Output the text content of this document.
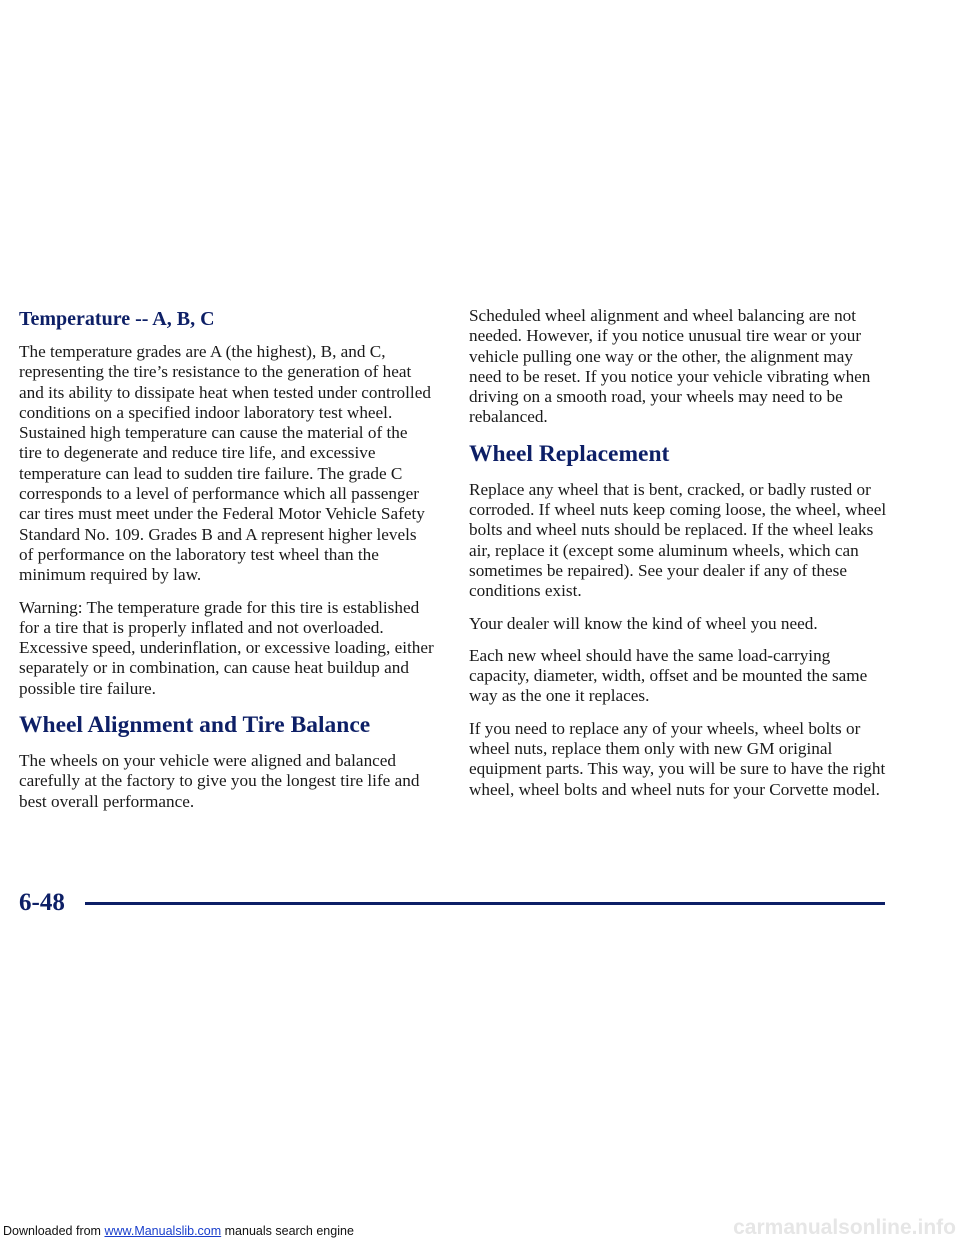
Temperature -- A, B, C

The temperature grades are A (the highest), B, and C, representing the tire’s resistance to the generation of heat and its ability to dissipate heat when tested under controlled conditions on a specified indoor laboratory test wheel. Sustained high temperature can cause the material of the tire to degenerate and reduce tire life, and excessive temperature can lead to sudden tire failure. The grade C corresponds to a level of performance which all passenger car tires must meet under the Federal Motor Vehicle Safety Standard No. 109. Grades B and A represent higher levels of performance on the laboratory test wheel than the minimum required by law.

Warning: The temperature grade for this tire is established for a tire that is properly inflated and not overloaded. Excessive speed, underinflation, or excessive loading, either separately or in combination, can cause heat buildup and possible tire failure.

Wheel Alignment and Tire Balance

The wheels on your vehicle were aligned and balanced carefully at the factory to give you the longest tire life and best overall performance.

Scheduled wheel alignment and wheel balancing are not needed. However, if you notice unusual tire wear or your vehicle pulling one way or the other, the alignment may need to be reset. If you notice your vehicle vibrating when driving on a smooth road, your wheels may need to be rebalanced.

Wheel Replacement

Replace any wheel that is bent, cracked, or badly rusted or corroded. If wheel nuts keep coming loose, the wheel, wheel bolts and wheel nuts should be replaced. If the wheel leaks air, replace it (except some aluminum wheels, which can sometimes be repaired). See your dealer if any of these conditions exist.

Your dealer will know the kind of wheel you need.

Each new wheel should have the same load-carrying capacity, diameter, width, offset and be mounted the same way as the one it replaces.

If you need to replace any of your wheels, wheel bolts or wheel nuts, replace them only with new GM original equipment parts. This way, you will be sure to have the right wheel, wheel bolts and wheel nuts for your Corvette model.

6-48
Downloaded from www.Manualslib.com manuals search engine	carmanualsonline.info
